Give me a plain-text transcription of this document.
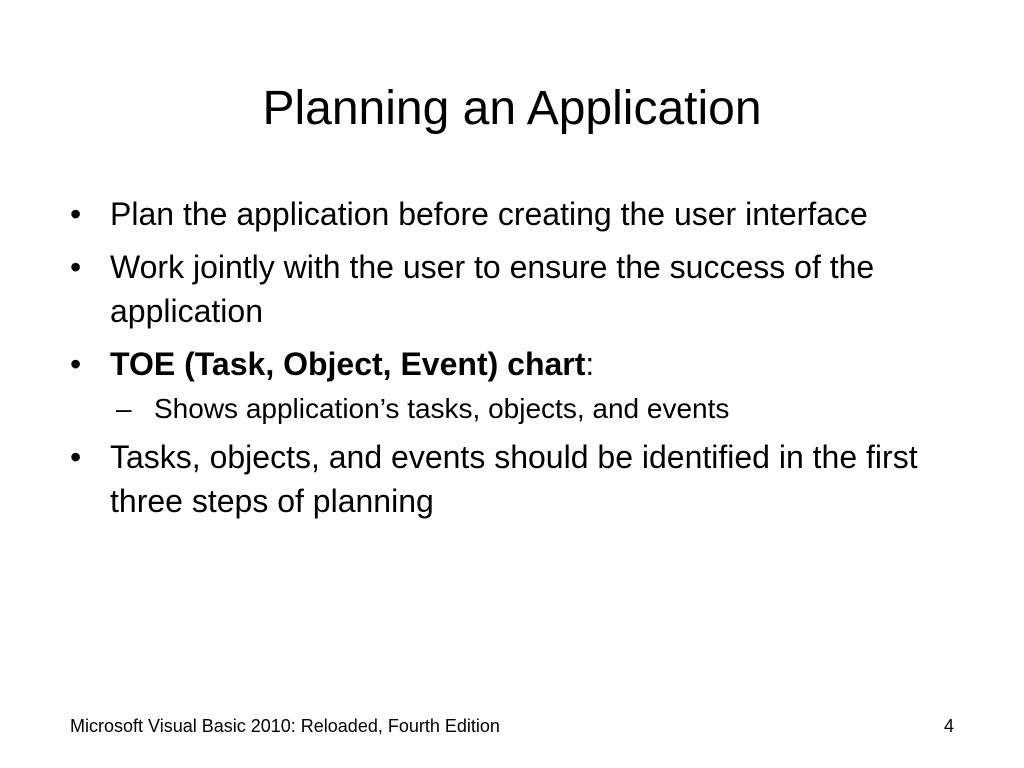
Planning an Application
• Plan the application before creating the user interface
• Work jointly with the user to ensure the success of the application
• TOE (Task, Object, Event) chart:
– Shows application’s tasks, objects, and events
• Tasks, objects, and events should be identified in the first three steps of planning
Microsoft Visual Basic 2010: Reloaded, Fourth Edition	4
